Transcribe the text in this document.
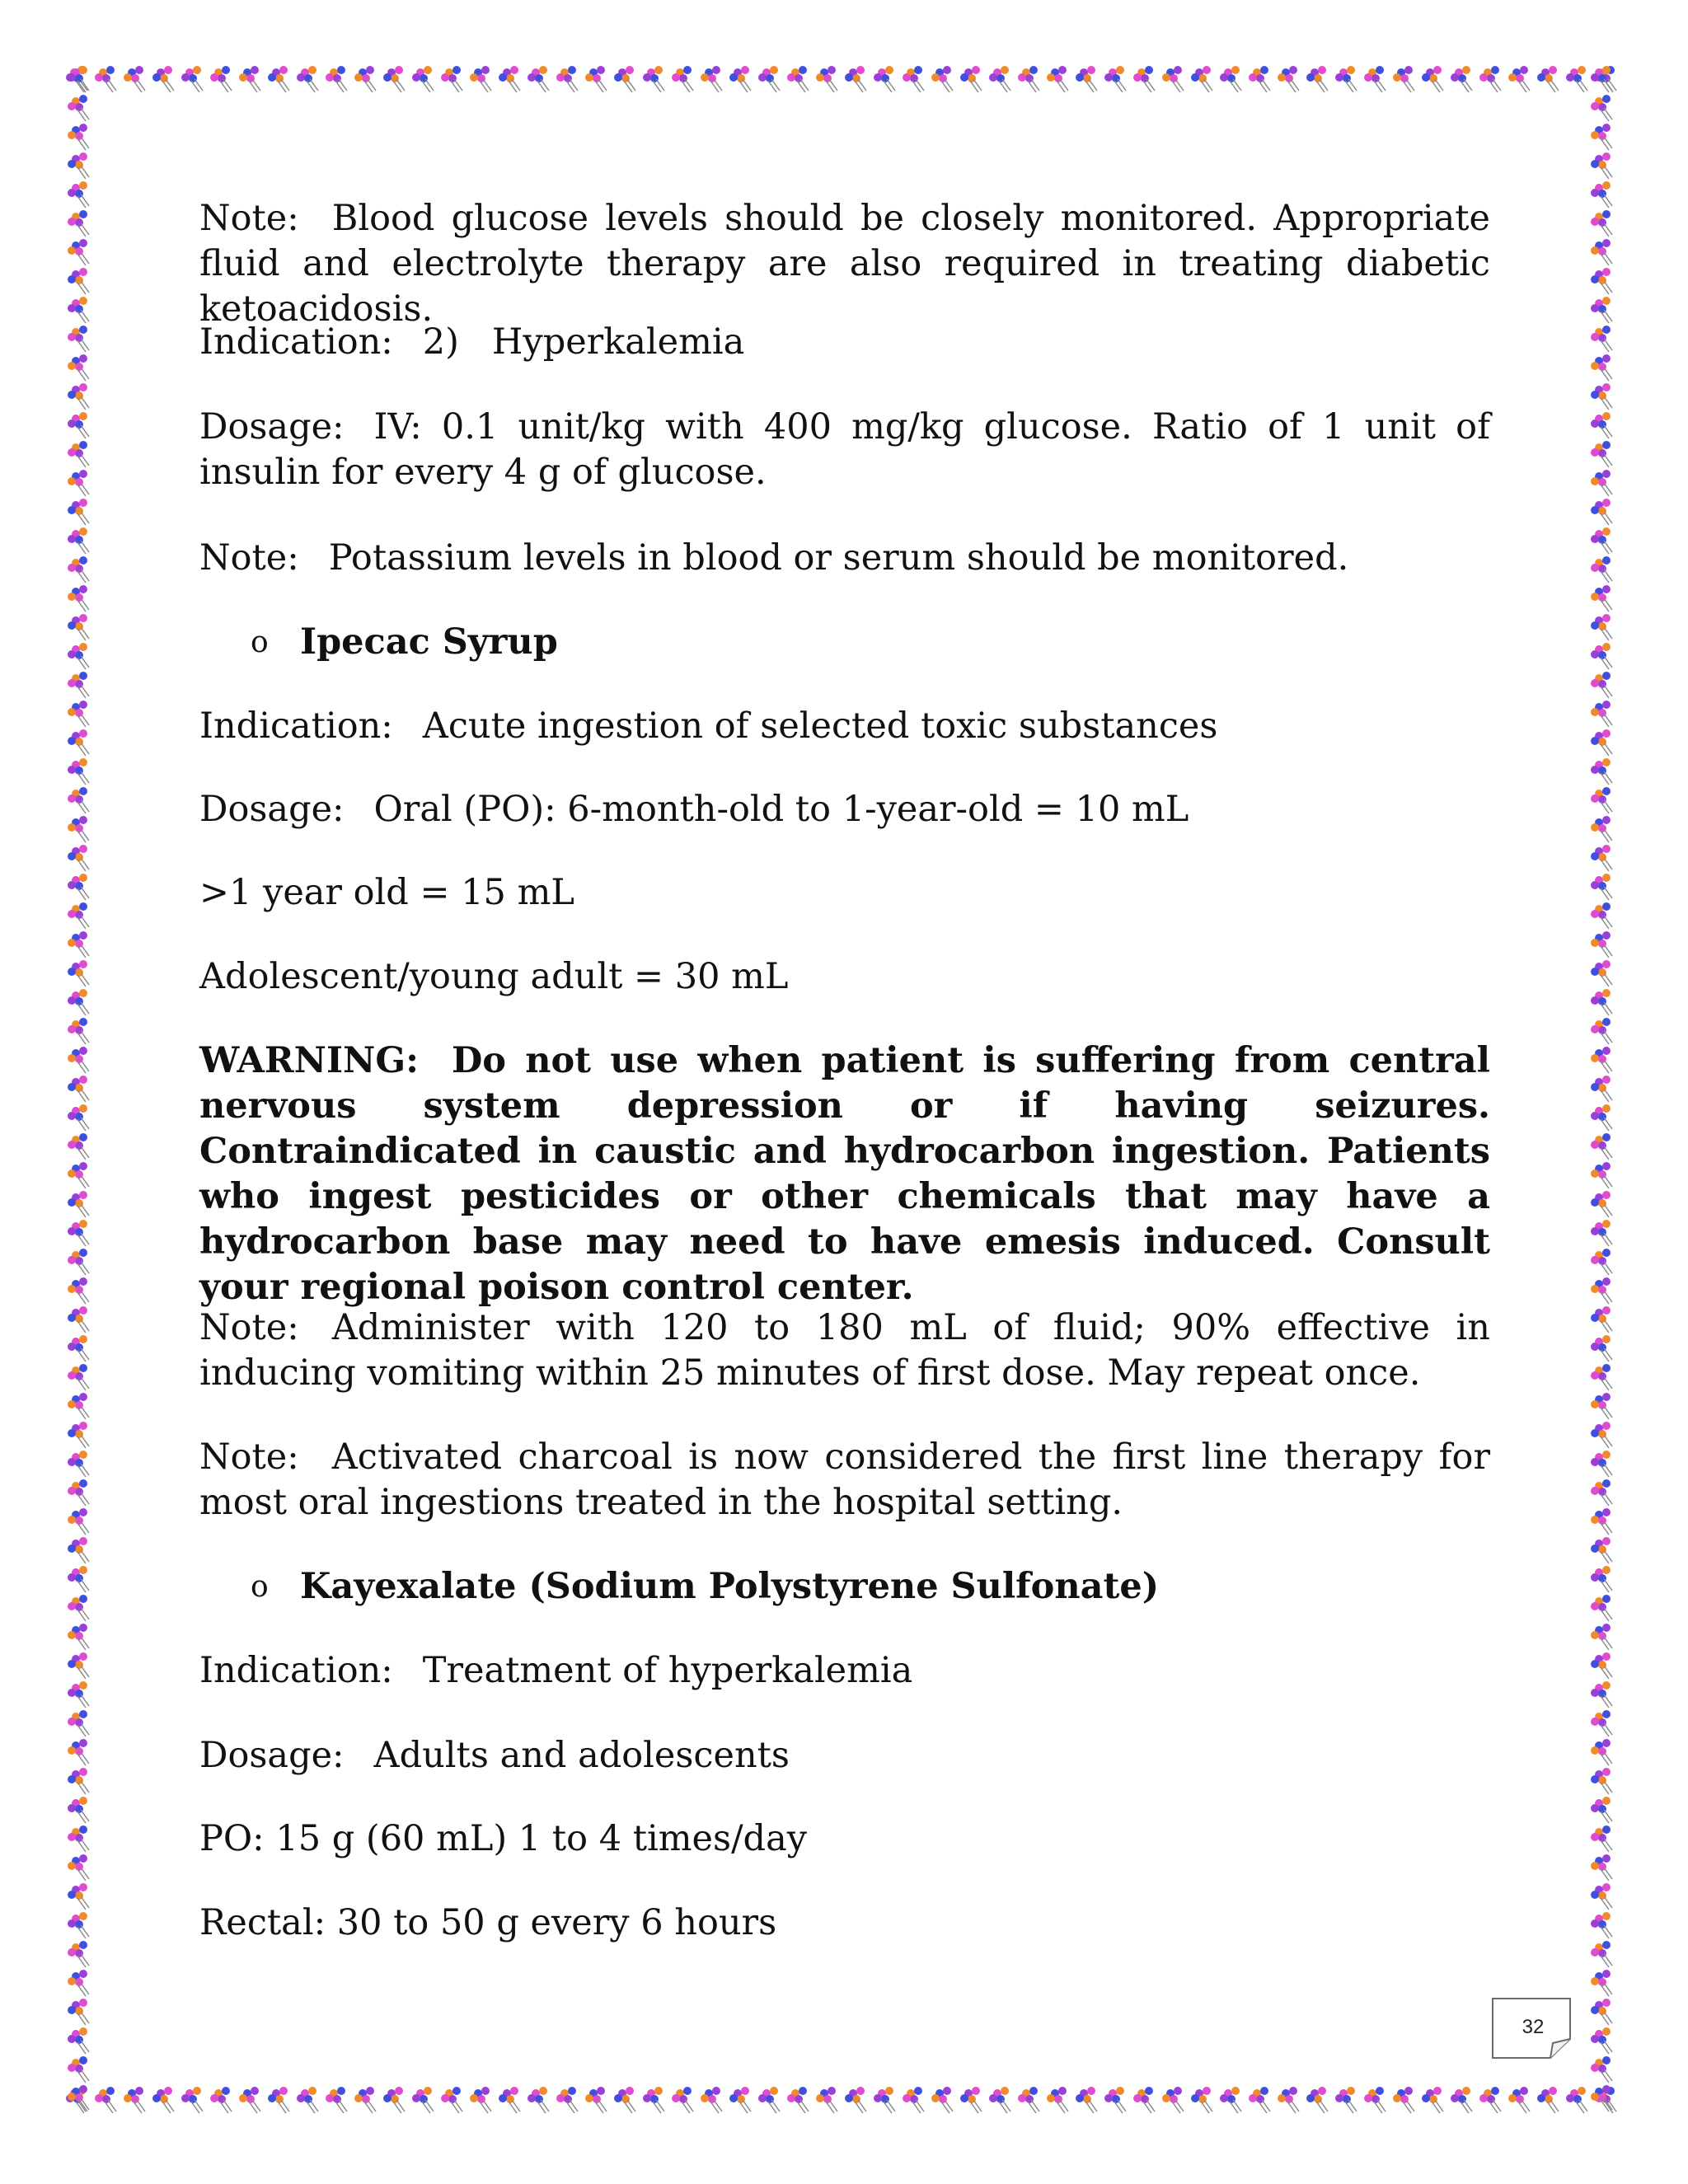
Note: Blood glucose levels should be closely monitored. Appropriate fluid and electrolyte therapy are also required in treating diabetic ketoacidosis.

Indication: 2) Hyperkalemia

Dosage: IV: 0.1 unit/kg with 400 mg/kg glucose. Ratio of 1 unit of insulin for every 4 g of glucose.

Note: Potassium levels in blood or serum should be monitored.

o Ipecac Syrup

Indication: Acute ingestion of selected toxic substances

Dosage: Oral (PO): 6-month-old to 1-year-old = 10 mL

>1 year old = 15 mL

Adolescent/young adult = 30 mL

WARNING: Do not use when patient is suffering from central nervous system depression or if having seizures. Contraindicated in caustic and hydrocarbon ingestion. Patients who ingest pesticides or other chemicals that may have a hydrocarbon base may need to have emesis induced. Consult your regional poison control center.

Note: Administer with 120 to 180 mL of fluid; 90% effective in inducing vomiting within 25 minutes of first dose. May repeat once.

Note: Activated charcoal is now considered the first line therapy for most oral ingestions treated in the hospital setting.

o Kayexalate (Sodium Polystyrene Sulfonate)

Indication: Treatment of hyperkalemia

Dosage: Adults and adolescents

PO: 15 g (60 mL) 1 to 4 times/day

Rectal: 30 to 50 g every 6 hours

32
